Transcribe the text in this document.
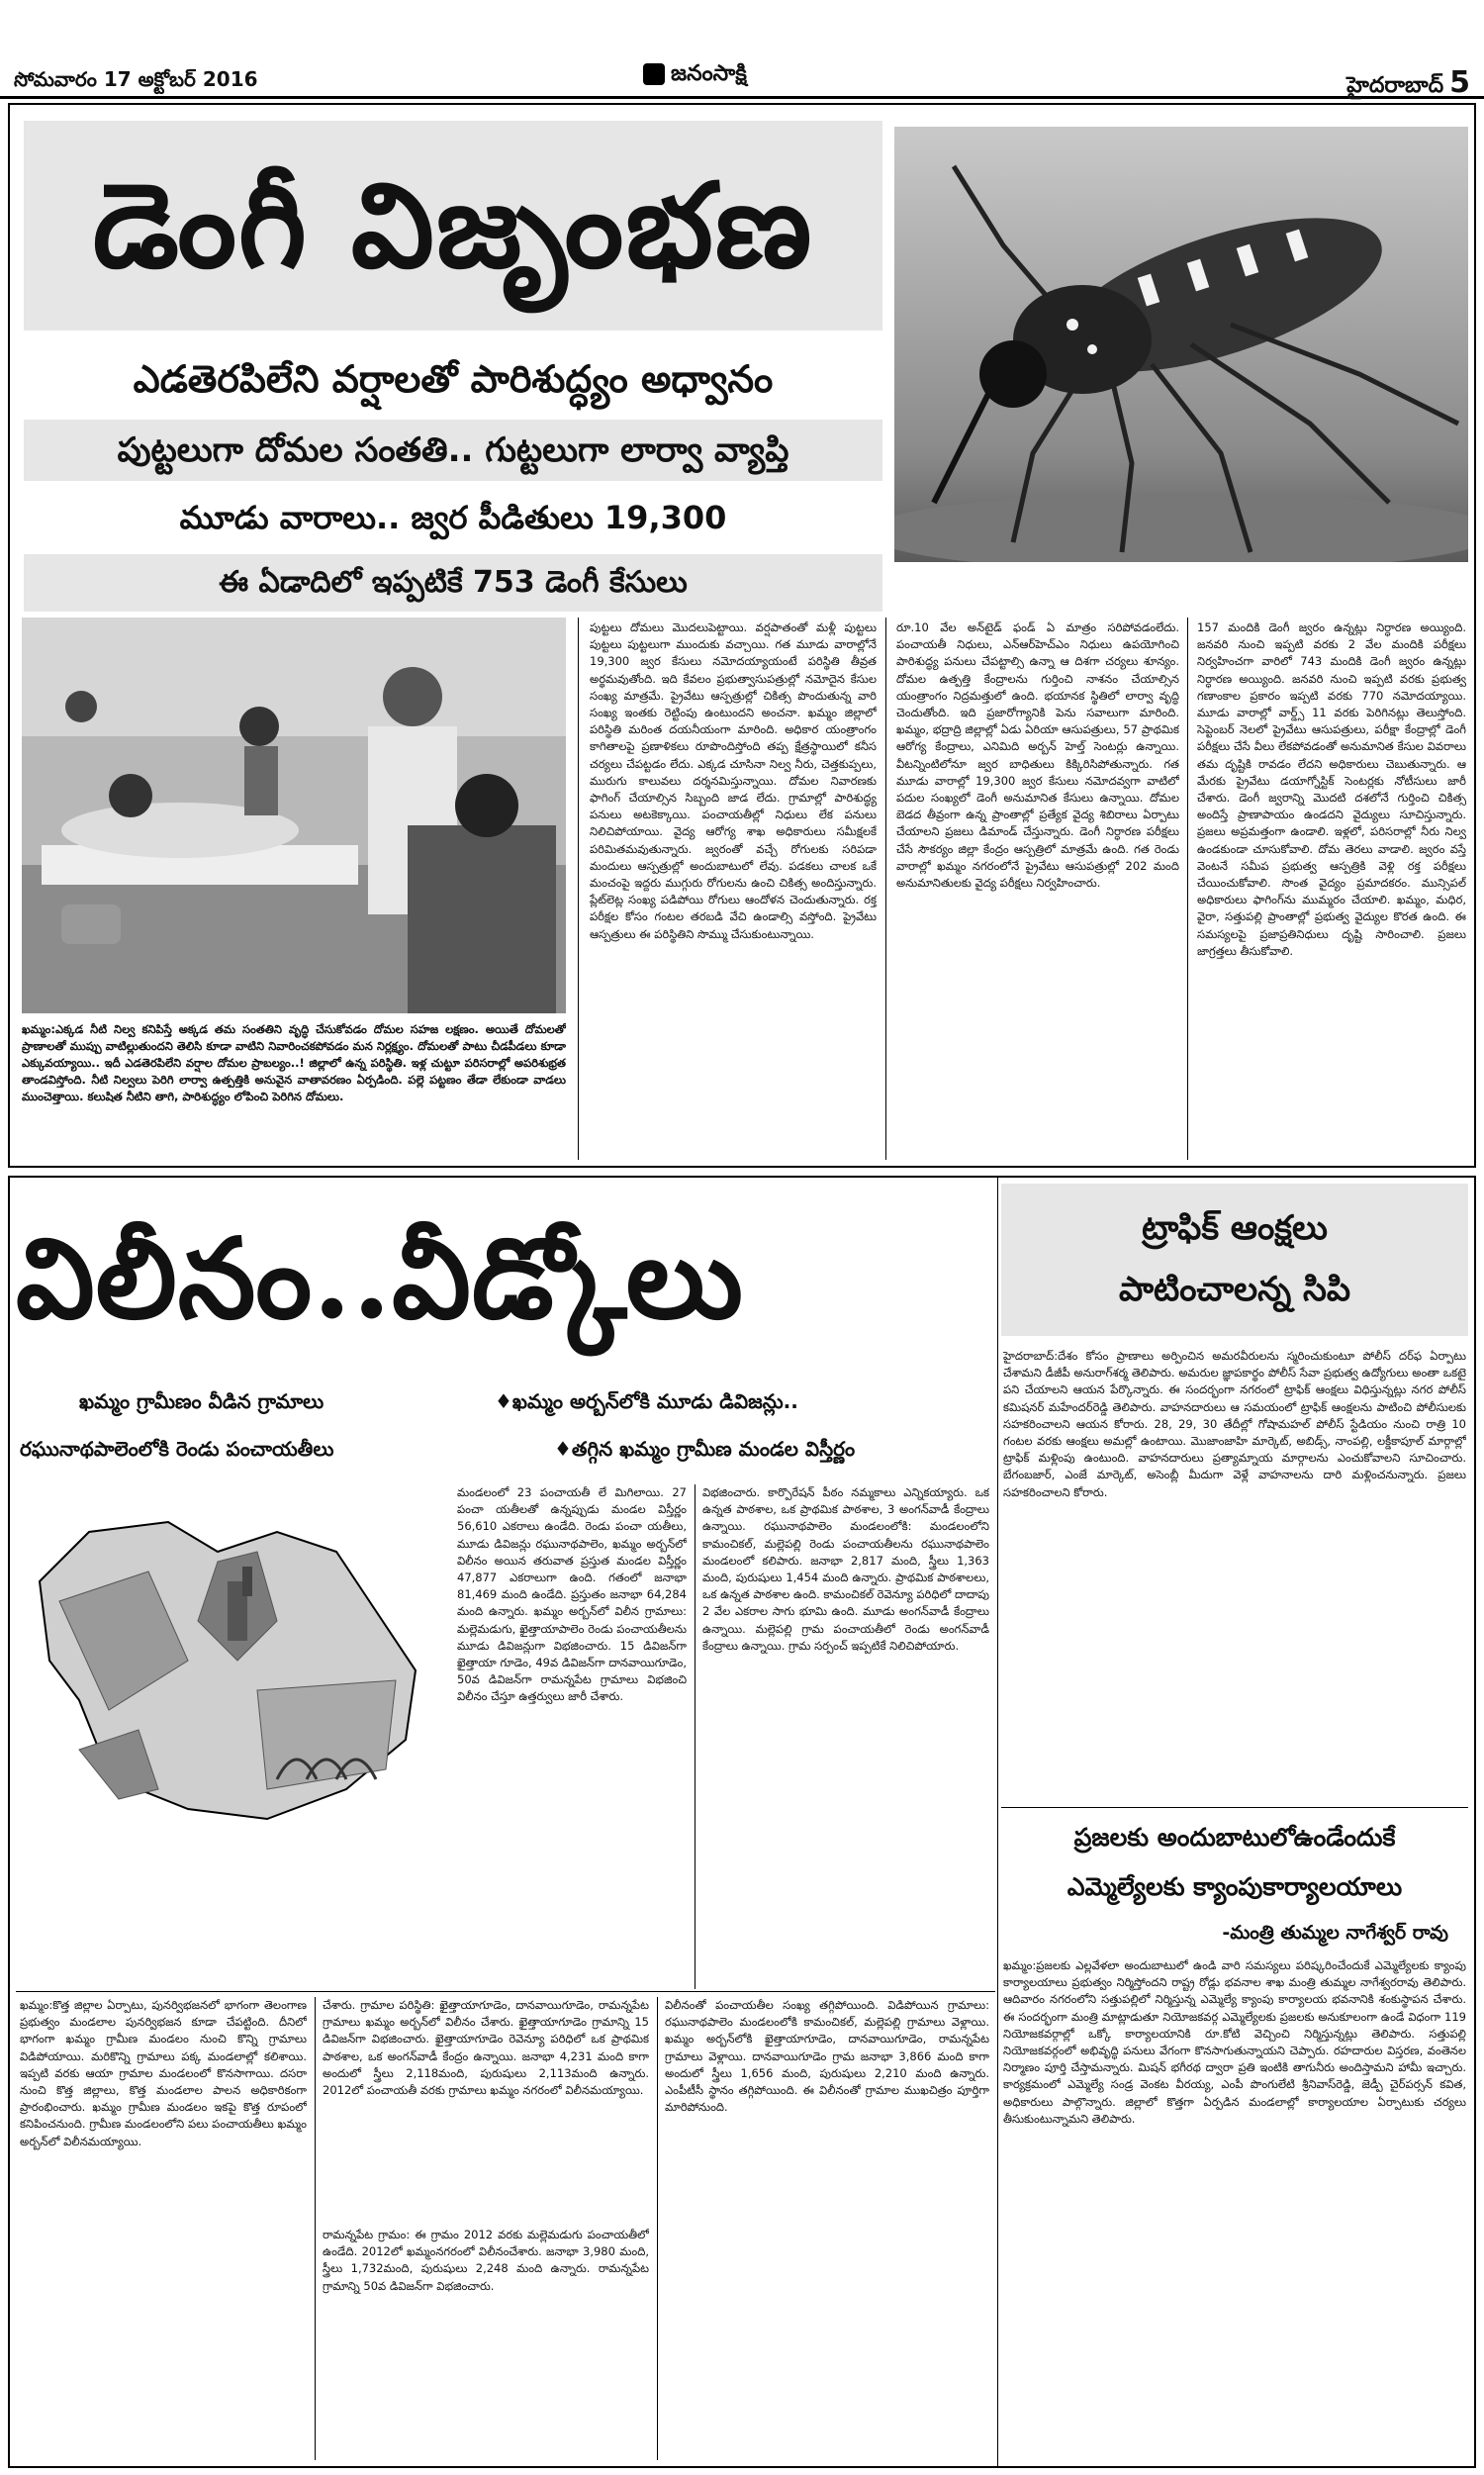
సోమవారం 17 అక్టోబర్ 2016	జనంసాక్షి	హైదరాబాద్ 5
డెంగీ విజృంభణ
ఎడతెరపిలేని వర్షాలతో పారిశుద్ధ్యం అధ్వానం
పుట్టలుగా దోమల సంతతి.. గుట్టలుగా లార్వా వ్యాప్తి
మూడు వారాలు.. జ్వర పీడితులు 19,300
ఈ ఏడాదిలో ఇప్పటికే 753 డెంగీ కేసులు
ఖమ్మం:ఎక్కడ నీటి నిల్వ కనిపిస్తే అక్కడ తమ సంతతిని వృద్ధి చేసుకోవడం దోమల సహజ లక్షణం. అయితే దోమలతో ప్రాణాలతో ముప్పు వాటిల్లుతుందని తెలిసి కూడా వాటిని నివారించకపోవడం మన నిర్లక్ష్యం. దోమలతో పాటు చీడపీడలు కూడా ఎక్కువయ్యాయి.. ఇదీ ఎడతెరపిలేని వర్షాల దోమల ప్రాబల్యం..! జిల్లాలో ఉన్న పరిస్థితి. ఇళ్ల చుట్టూ పరిసరాల్లో అపరిశుభ్రత తాండవిస్తోంది. నీటి నిల్వలు పెరిగి లార్వా ఉత్పత్తికి అనువైన వాతావరణం ఏర్పడింది. పల్లె పట్టణం తేడా లేకుండా వాడలు ముంచెత్తాయి. కలుషిత నీటిని తాగి, పారిశుద్ధ్యం లోపించి పెరిగిన దోమలు.
పుట్టలు దోమలు మొదలుపెట్టాయి. వర్షపాతంతో మళ్లీ పుట్టలు పుట్టలు పుట్టలుగా ముందుకు వచ్చాయి. గత మూడు వారాల్లోనే 19,300 జ్వర కేసులు నమోదయ్యాయంటే పరిస్థితి తీవ్రత అర్థమవుతోంది. ఇది కేవలం ప్రభుత్వాసుపత్రుల్లో నమోదైన కేసుల సంఖ్య మాత్రమే. ప్రైవేటు ఆస్పత్రుల్లో చికిత్స పొందుతున్న వారి సంఖ్య ఇంతకు రెట్టింపు ఉంటుందని అంచనా. ఖమ్మం జిల్లాలో పరిస్థితి మరింత దయనీయంగా మారింది. అధికార యంత్రాంగం కాగితాలపై ప్రణాళికలు రూపొందిస్తోంది తప్ప క్షేత్రస్థాయిలో కనీస చర్యలు చేపట్టడం లేదు. ఎక్కడ చూసినా నిల్వ నీరు, చెత్తకుప్పలు, మురుగు కాలువలు దర్శనమిస్తున్నాయి. దోమల నివారణకు ఫాగింగ్ చేయాల్సిన సిబ్బంది జాడ లేదు. గ్రామాల్లో పారిశుద్ధ్య పనులు అటకెక్కాయి. పంచాయతీల్లో నిధులు లేక పనులు నిలిచిపోయాయి. వైద్య ఆరోగ్య శాఖ అధికారులు సమీక్షలకే పరిమితమవుతున్నారు. జ్వరంతో వచ్చే రోగులకు సరిపడా మందులు ఆస్పత్రుల్లో అందుబాటులో లేవు. పడకలు చాలక ఒకే మంచంపై ఇద్దరు ముగ్గురు రోగులను ఉంచి చికిత్స అందిస్తున్నారు. ప్లేట్‌లెట్ల సంఖ్య పడిపోయి రోగులు ఆందోళన చెందుతున్నారు. రక్త పరీక్షల కోసం గంటల తరబడి వేచి ఉండాల్సి వస్తోంది. ప్రైవేటు ఆస్పత్రులు ఈ పరిస్థితిని సొమ్ము చేసుకుంటున్నాయి.
రూ.10 వేల అన్‌టైడ్ ఫండ్ ఏ మాత్రం సరిపోవడంలేదు. పంచాయతీ నిధులు, ఎన్ఆర్‌హెచ్ఎం నిధులు ఉపయోగించి పారిశుద్ధ్య పనులు చేపట్టాల్సి ఉన్నా ఆ దిశగా చర్యలు శూన్యం. దోమల ఉత్పత్తి కేంద్రాలను గుర్తించి నాశనం చేయాల్సిన యంత్రాంగం నిద్రమత్తులో ఉంది. భయానక స్థితిలో లార్వా వృద్ధి చెందుతోంది. ఇది ప్రజారోగ్యానికి పెను సవాలుగా మారింది. ఖమ్మం, భద్రాద్రి జిల్లాల్లో ఏడు ఏరియా ఆసుపత్రులు, 57 ప్రాథమిక ఆరోగ్య కేంద్రాలు, ఎనిమిది అర్బన్ హెల్త్ సెంటర్లు ఉన్నాయి. వీటన్నింటిలోనూ జ్వర బాధితులు కిక్కిరిసిపోతున్నారు. గత మూడు వారాల్లో 19,300 జ్వర కేసులు నమోదవ్వగా వాటిలో పదుల సంఖ్యలో డెంగీ అనుమానిత కేసులు ఉన్నాయి. దోమల బెడద తీవ్రంగా ఉన్న ప్రాంతాల్లో ప్రత్యేక వైద్య శిబిరాలు ఏర్పాటు చేయాలని ప్రజలు డిమాండ్ చేస్తున్నారు. డెంగీ నిర్ధారణ పరీక్షలు చేసే సౌకర్యం జిల్లా కేంద్రం ఆస్పత్రిలో మాత్రమే ఉంది. గత రెండు వారాల్లో ఖమ్మం నగరంలోనే ప్రైవేటు ఆసుపత్రుల్లో 202 మంది అనుమానితులకు వైద్య పరీక్షలు నిర్వహించారు.
157 మందికి డెంగీ జ్వరం ఉన్నట్లు నిర్ధారణ అయ్యింది. జనవరి నుంచి ఇప్పటి వరకు 2 వేల మందికి పరీక్షలు నిర్వహించగా వారిలో 743 మందికి డెంగీ జ్వరం ఉన్నట్లు నిర్ధారణ అయ్యింది. జనవరి నుంచి ఇప్పటి వరకు ప్రభుత్వ గణాంకాల ప్రకారం ఇప్పటి వరకు 770 నమోదయ్యాయి. మూడు వారాల్లో వార్డ్స్‌ 11 వరకు పెరిగినట్లు తెలుస్తోంది. సెప్టెంబర్ నెలలో ప్రైవేటు ఆసుపత్రులు, పరీక్షా కేంద్రాల్లో డెంగీ పరీక్షలు చేసే వీలు లేకపోవడంతో అనుమానిత కేసుల వివరాలు తమ దృష్టికి రావడం లేదని అధికారులు చెబుతున్నారు. ఆ మేరకు ప్రైవేటు డయాగ్నోస్టిక్ సెంటర్లకు నోటీసులు జారీ చేశారు. డెంగీ జ్వరాన్ని మొదటి దశలోనే గుర్తించి చికిత్స అందిస్తే ప్రాణాపాయం ఉండదని వైద్యులు సూచిస్తున్నారు. ప్రజలు అప్రమత్తంగా ఉండాలి. ఇళ్లలో, పరిసరాల్లో నీరు నిల్వ ఉండకుండా చూసుకోవాలి. దోమ తెరలు వాడాలి. జ్వరం వస్తే వెంటనే సమీప ప్రభుత్వ ఆస్పత్రికి వెళ్లి రక్త పరీక్షలు చేయించుకోవాలి. సొంత వైద్యం ప్రమాదకరం. మున్సిపల్ అధికారులు ఫాగింగ్‌ను ముమ్మరం చేయాలి. ఖమ్మం, మధిర, వైరా, సత్తుపల్లి ప్రాంతాల్లో ప్రభుత్వ వైద్యుల కొరత ఉంది. ఈ సమస్యలపై ప్రజాప్రతినిధులు దృష్టి సారించాలి. ప్రజలు జాగ్రత్తలు తీసుకోవాలి.
విలీనం..వీడ్కోలు
ఖమ్మం గ్రామీణం వీడిన గ్రామాలు	♦ఖమ్మం అర్బన్‌లోకి మూడు డివిజన్లు..
రఘునాథపాలెంలోకి రెండు పంచాయతీలు	♦తగ్గిన ఖమ్మం గ్రామీణ మండల విస్తీర్ణం
మండలంలో 23 పంచాయతీ లే మిగిలాయి. 27 పంచా యతీలతో ఉన్నప్పుడు మండల విస్తీర్ణం 56,610 ఎకరాలు ఉండేది. రెండు పంచా యతీలు, మూడు డివిజన్లు రఘునాథపాలెం, ఖమ్మం అర్బన్‌లో విలీనం అయిన తరువాత ప్రస్తుత మండల విస్తీర్ణం 47,877 ఎకరాలుగా ఉంది. గతంలో జనాభా 81,469 మంది ఉండేది. ప్రస్తుతం జనాభా 64,284 మంది ఉన్నారు. ఖమ్మం అర్బన్‌లో విలీన గ్రామాలు: మల్లెమడుగు, ఖైత్తాయాపాలెం రెండు పంచాయతీలను మూడు డివిజన్లుగా విభజించారు. 15 డివిజన్‌గా ఖైత్తాయా గూడెం, 49వ డివిజన్‌గా దానవాయిగూడెం, 50వ డివిజన్‌గా రామన్నపేట గ్రామాలు విభజించి విలీనం చేస్తూ ఉత్తర్వులు జారీ చేశారు.
విభజించారు. కార్పొరేషన్ పీఠం నమ్మకాలు ఎన్నికయ్యారు. ఒక ఉన్నత పాఠశాల, ఒక ప్రాథమిక పాఠశాల, 3 అంగన్‌వాడీ కేంద్రాలు ఉన్నాయి. రఘునాథపాలెం మండలంలోకి: మండలంలోని కామంచికల్, మల్లెపల్లి రెండు పంచాయతీలను రఘునాథపాలెం మండలంలో కలిపారు. జనాభా 2,817 మంది, స్త్రీలు 1,363 మంది, పురుషులు 1,454 మంది ఉన్నారు. ప్రాథమిక పాఠశాలలు, ఒక ఉన్నత పాఠశాల ఉంది. కామంచికల్ రెవెన్యూ పరిధిలో దాదాపు 2 వేల ఎకరాల సాగు భూమి ఉంది. మూడు అంగన్‌వాడీ కేంద్రాలు ఉన్నాయి. మల్లెపల్లి గ్రామ పంచాయతీలో రెండు అంగన్‌వాడీ కేంద్రాలు ఉన్నాయి. గ్రామ సర్పంచ్‌ ఇప్పటికే నిలిచిపోయారు.
ఖమ్మం:కొత్త జిల్లాల ఏర్పాటు, పునర్విభజనలో భాగంగా తెలంగాణ ప్రభుత్వం మండలాల పునర్విభజన కూడా చేపట్టింది. దీనిలో భాగంగా ఖమ్మం గ్రామీణ మండలం నుంచి కొన్ని గ్రామాలు విడిపోయాయి. మరికొన్ని గ్రామాలు పక్క మండలాల్లో కలిశాయి. ఇప్పటి వరకు ఆయా గ్రామాల మండలంలో కొనసాగాయి. దసరా నుంచి కొత్త జిల్లాలు, కొత్త మండలాల పాలన అధికారికంగా ప్రారంభించారు. ఖమ్మం గ్రామీణ మండలం ఇకపై కొత్త రూపంలో కనిపించనుంది. గ్రామీణ మండలంలోని పలు పంచాయతీలు ఖమ్మం అర్బన్‌లో విలీనమయ్యాయి.
చేశారు. గ్రామాల పరిస్థితి: ఖైత్తాయాగూడెం, దానవాయిగూడెం, రామన్నపేట గ్రామాలు ఖమ్మం అర్బన్‌లో విలీనం చేశారు. ఖైత్తాయాగూడెం గ్రామాన్ని 15 డివిజన్‌గా విభజించారు. ఖైత్తాయాగూడెం రెవెన్యూ పరిధిలో ఒక ప్రాథమిక పాఠశాల, ఒక అంగన్‌వాడీ కేంద్రం ఉన్నాయి. జనాభా 4,231 మంది కాగా అందులో స్త్రీలు 2,118మంది, పురుషులు 2,113మంది ఉన్నారు. 2012లో పంచాయతీ వరకు గ్రామాలు ఖమ్మం నగరంలో విలీనమయ్యాయి.
రామన్నపేట గ్రామం: ఈ గ్రామం 2012 వరకు మల్లెమడుగు పంచాయతీలో ఉండేది. 2012లో ఖమ్మంనగరంలో విలీనంచేశారు. జనాభా 3,980 మంది, స్త్రీలు 1,732మంది, పురుషులు 2,248 మంది ఉన్నారు. రామన్నపేట గ్రామాన్ని 50వ డివిజన్‌గా విభజించారు.
విలీనంతో పంచాయతీల సంఖ్య తగ్గిపోయింది. విడిపోయిన గ్రామాలు: రఘునాథపాలెం మండలంలోకి కామంచికల్, మల్లెపల్లి గ్రామాలు వెళ్లాయి. ఖమ్మం అర్బన్‌లోకి ఖైత్తాయాగూడెం, దానవాయిగూడెం, రామన్నపేట గ్రామాలు వెళ్లాయి. దానవాయిగూడెం గ్రామ జనాభా 3,866 మంది కాగా అందులో స్త్రీలు 1,656 మంది, పురుషులు 2,210 మంది ఉన్నారు. ఎంపీటీసీ స్థానం తగ్గిపోయింది. ఈ విలీనంతో గ్రామాల ముఖచిత్రం పూర్తిగా మారిపోనుంది.
ట్రాఫిక్ ఆంక్షలు
పాటించాలన్న సిపి
హైదరాబాద్‌:దేశం కోసం ప్రాణాలు అర్పించిన అమరవీరులను స్మరించుకుంటూ పోలీస్ దర్‌ఫ ఏర్పాటు చేశామని డీజీపీ అనురాగ్‌శర్మ తెలిపారు. అమరుల జ్ఞాపకార్థం పోలీస్ సేవా ప్రభుత్వ ఉద్యోగులు అంతా ఒకటై పని చేయాలని ఆయన పేర్కొన్నారు. ఈ సందర్భంగా నగరంలో ట్రాఫిక్ ఆంక్షలు విధిస్తున్నట్లు నగర పోలీస్ కమిషనర్ మహేందర్‌రెడ్డి తెలిపారు. వాహనదారులు ఆ సమయంలో ట్రాఫిక్ ఆంక్షలను పాటించి పోలీసులకు సహకరించాలని ఆయన కోరారు. 28, 29, 30 తేదీల్లో గోషామహల్ పోలీస్ స్టేడియం నుంచి రాత్రి 10 గంటల వరకు ఆంక్షలు అమల్లో ఉంటాయి. మొజాంజాహి మార్కెట్, అబిడ్స్, నాంపల్లి, లక్డీకాపూల్ మార్గాల్లో ట్రాఫిక్ మళ్లింపు ఉంటుంది. వాహనదారులు ప్రత్యామ్నాయ మార్గాలను ఎంచుకోవాలని సూచించారు. బేగంబజార్, ఎంజే మార్కెట్, అసెంబ్లీ మీదుగా వెళ్లే వాహనాలను దారి మళ్లించనున్నారు. ప్రజలు సహకరించాలని కోరారు.
ప్రజలకు అందుబాటులోఉండేందుకే
ఎమ్మెల్యేలకు క్యాంపుకార్యాలయాలు
-మంత్రి తుమ్మల నాగేశ్వర్ రావు
ఖమ్మం:ప్రజలకు ఎల్లవేళలా అందుబాటులో ఉండి వారి సమస్యలు పరిష్కరించేందుకే ఎమ్మెల్యేలకు క్యాంపు కార్యాలయాలు ప్రభుత్వం నిర్మిస్తోందని రాష్ట్ర రోడ్లు భవనాల శాఖ మంత్రి తుమ్మల నాగేశ్వరరావు తెలిపారు. ఆదివారం నగరంలోని సత్తుపల్లిలో నిర్మిస్తున్న ఎమ్మెల్యే క్యాంపు కార్యాలయ భవనానికి శంకుస్థాపన చేశారు. ఈ సందర్భంగా మంత్రి మాట్లాడుతూ నియోజకవర్గ ఎమ్మెల్యేలకు ప్రజలకు అనుకూలంగా ఉండే విధంగా 119 నియోజకవర్గాల్లో ఒక్కో కార్యాలయానికి రూ.కోటి వెచ్చించి నిర్మిస్తున్నట్లు తెలిపారు. సత్తుపల్లి నియోజకవర్గంలో అభివృద్ధి పనులు వేగంగా కొనసాగుతున్నాయని చెప్పారు. రహదారుల విస్తరణ, వంతెనల నిర్మాణం పూర్తి చేస్తామన్నారు. మిషన్ భగీరథ ద్వారా ప్రతి ఇంటికి తాగునీరు అందిస్తామని హామీ ఇచ్చారు. కార్యక్రమంలో ఎమ్మెల్యే సండ్ర వెంకట వీరయ్య, ఎంపీ పొంగులేటి శ్రీనివాస్‌రెడ్డి, జెడ్పీ చైర్‌పర్సన్ కవిత, అధికారులు పాల్గొన్నారు. జిల్లాలో కొత్తగా ఏర్పడిన మండలాల్లో కార్యాలయాల ఏర్పాటుకు చర్యలు తీసుకుంటున్నామని తెలిపారు.
